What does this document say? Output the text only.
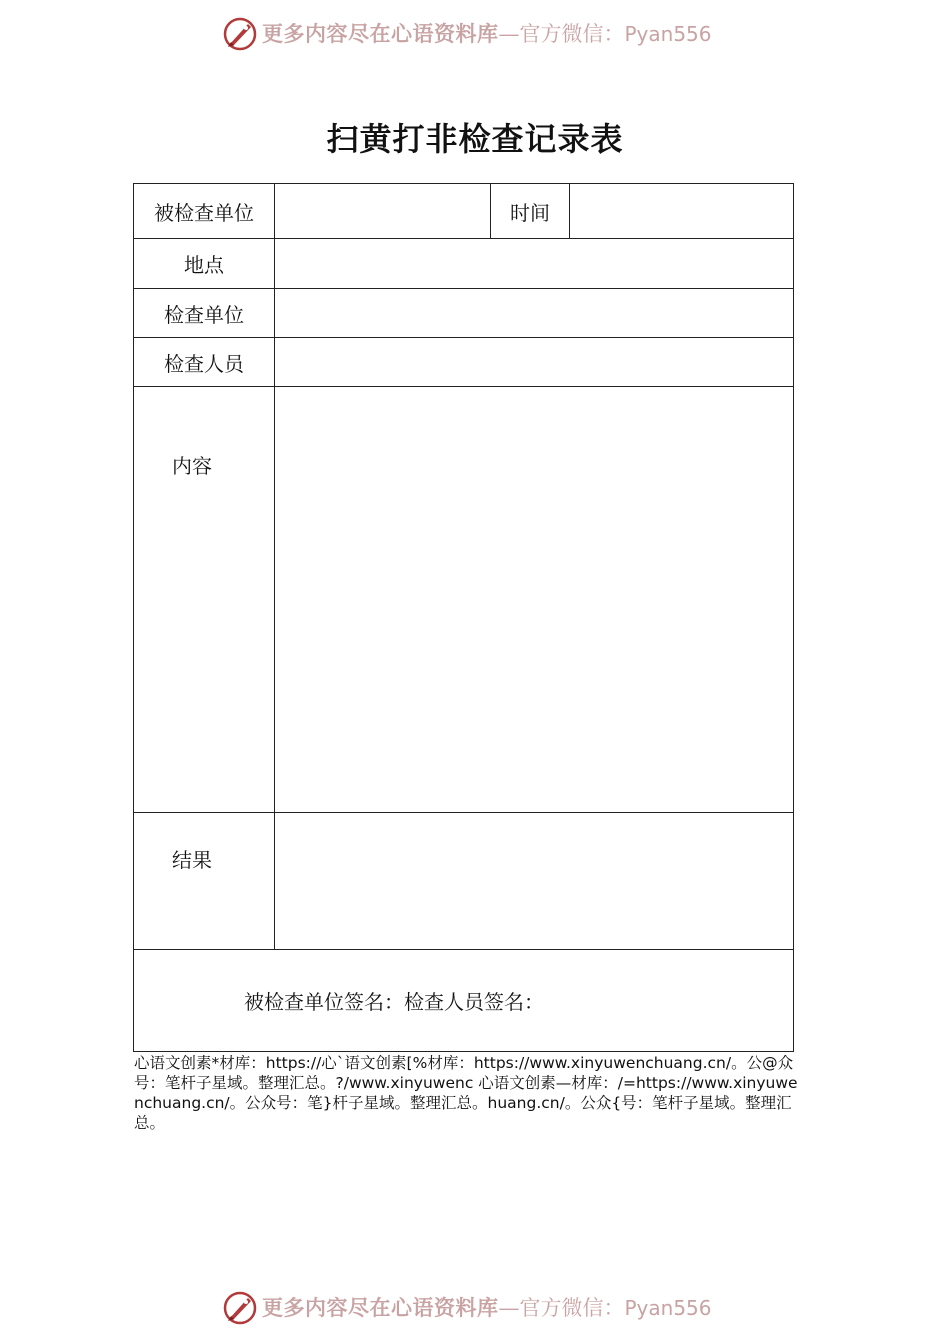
更多内容尽在心语资料库—官方微信：Pyan556
扫黄打非检查记录表
被检查单位		时间	
地点			
检查单位			
检查人员			
内容			
结果			
被检查单位签名：检查人员签名：			
心语文创素*材库：https://心`语文创素[%材库：https://www.xinyuwenchuang.cn/。公@众号：笔杆子星域。整理汇总。?/www.xinyuwenc 心语文创素—材库：/=https://www.xinyuwenchuang.cn/。公众号：笔}杆子星域。整理汇总。huang.cn/。公众{号：笔杆子星域。整理汇总。
更多内容尽在心语资料库—官方微信：Pyan556
